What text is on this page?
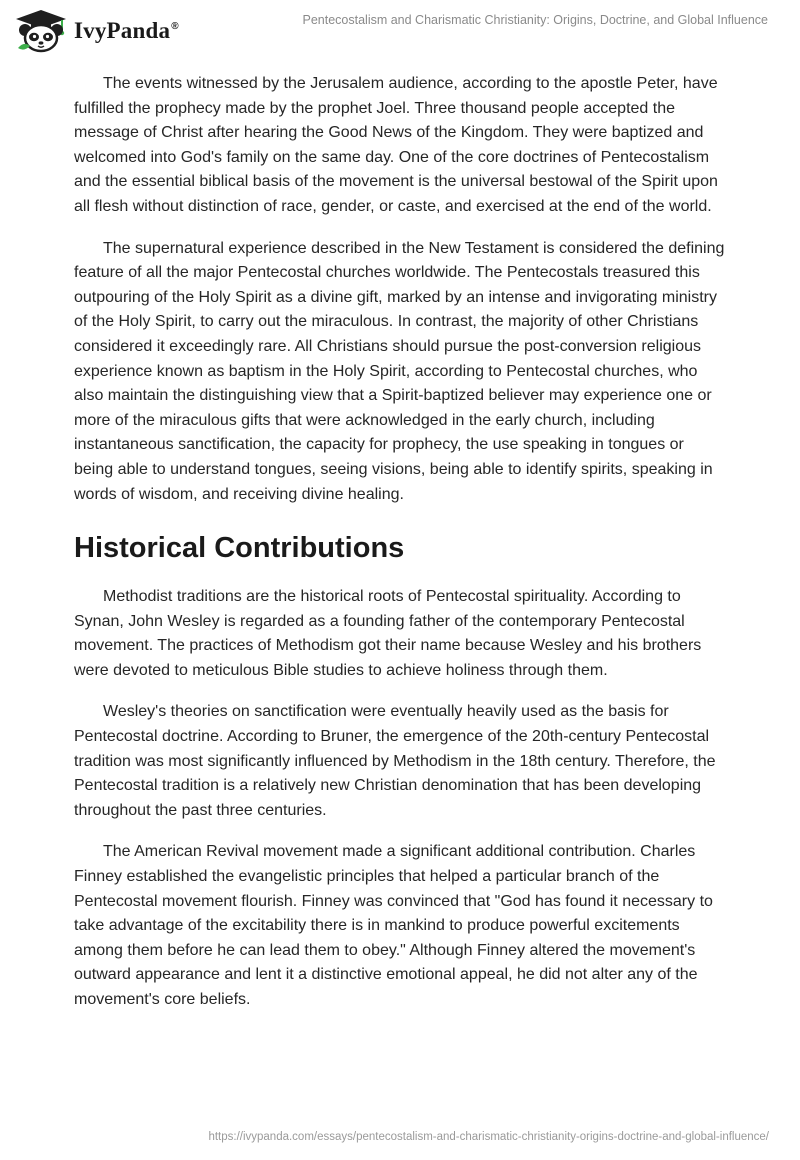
IvyPanda®	Pentecostalism and Charismatic Christianity: Origins, Doctrine, and Global Influence

The events witnessed by the Jerusalem audience, according to the apostle Peter, have fulfilled the prophecy made by the prophet Joel. Three thousand people accepted the message of Christ after hearing the Good News of the Kingdom. They were baptized and welcomed into God's family on the same day. One of the core doctrines of Pentecostalism and the essential biblical basis of the movement is the universal bestowal of the Spirit upon all flesh without distinction of race, gender, or caste, and exercised at the end of the world.

The supernatural experience described in the New Testament is considered the defining feature of all the major Pentecostal churches worldwide. The Pentecostals treasured this outpouring of the Holy Spirit as a divine gift, marked by an intense and invigorating ministry of the Holy Spirit, to carry out the miraculous. In contrast, the majority of other Christians considered it exceedingly rare. All Christians should pursue the post-conversion religious experience known as baptism in the Holy Spirit, according to Pentecostal churches, who also maintain the distinguishing view that a Spirit-baptized believer may experience one or more of the miraculous gifts that were acknowledged in the early church, including instantaneous sanctification, the capacity for prophecy, the use speaking in tongues or being able to understand tongues, seeing visions, being able to identify spirits, speaking in words of wisdom, and receiving divine healing.

Historical Contributions

Methodist traditions are the historical roots of Pentecostal spirituality. According to Synan, John Wesley is regarded as a founding father of the contemporary Pentecostal movement. The practices of Methodism got their name because Wesley and his brothers were devoted to meticulous Bible studies to achieve holiness through them.

Wesley's theories on sanctification were eventually heavily used as the basis for Pentecostal doctrine. According to Bruner, the emergence of the 20th-century Pentecostal tradition was most significantly influenced by Methodism in the 18th century. Therefore, the Pentecostal tradition is a relatively new Christian denomination that has been developing throughout the past three centuries.

The American Revival movement made a significant additional contribution. Charles Finney established the evangelistic principles that helped a particular branch of the Pentecostal movement flourish. Finney was convinced that "God has found it necessary to take advantage of the excitability there is in mankind to produce powerful excitements among them before he can lead them to obey." Although Finney altered the movement's outward appearance and lent it a distinctive emotional appeal, he did not alter any of the movement's core beliefs.

https://ivypanda.com/essays/pentecostalism-and-charismatic-christianity-origins-doctrine-and-global-influence/
